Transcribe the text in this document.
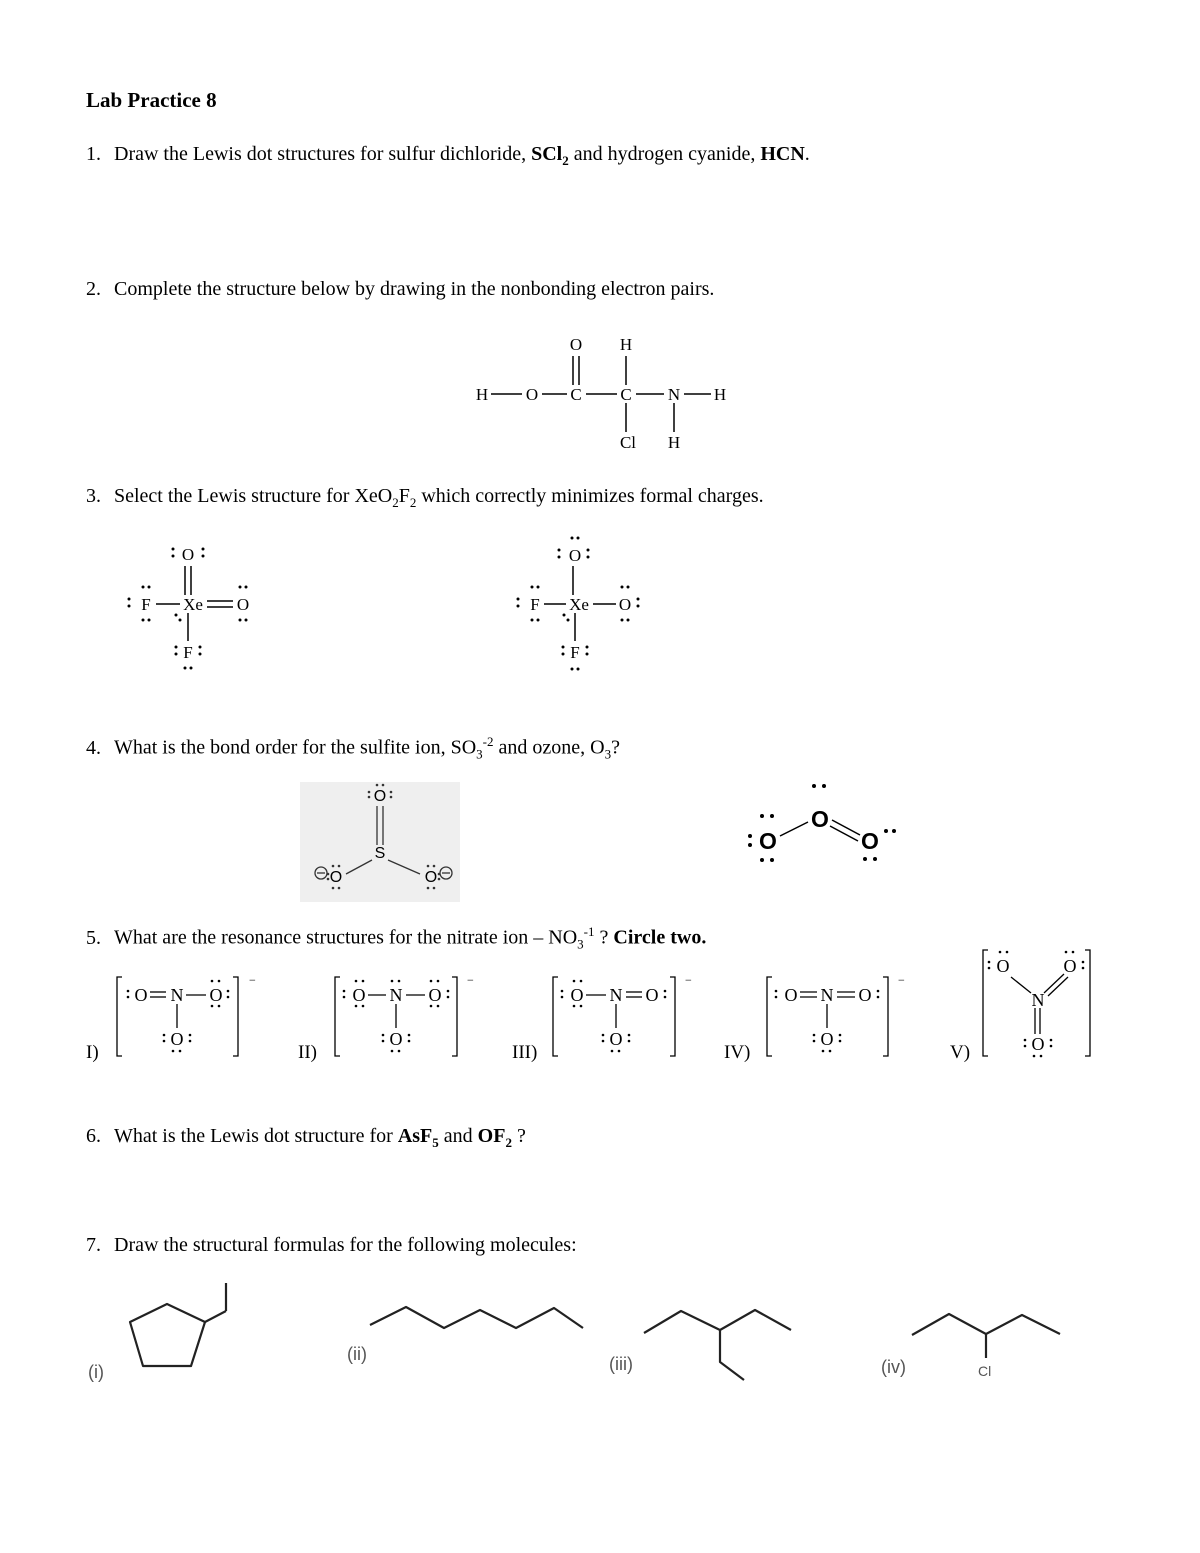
Lab Practice 8
1. Draw the Lewis dot structures for sulfur dichloride, SCl$_2$ and hydrogen cyanide, HCN.
2. Complete the structure below by drawing in the nonbonding electron pairs.
O H
H O C C N H
Cl H
3. Select the Lewis structure for $XeO_2F_2$ which correctly minimizes formal charges.
O
F Xe O
F
O
F Xe O
F
4. What is the bond order for the sulfite ion, $SO_3^{-2}$ and ozone, $O_3$?
O
S
O	O
O
O
O
5. What are the resonance structures for the nitrate ion – $NO_3^{-1}$ ? Circle two.
I)	II)	III)	IV)	V)
O N O
O
−
O N O
O
−
O N O
O
−
O N O
O
−
O	O
N
O
6. What is the Lewis dot structure for AsF$_5$ and $OF_2$ ?
7. Draw the structural formulas for the following molecules:
(i)
(ii)	(iii)	(iv)	Cl
